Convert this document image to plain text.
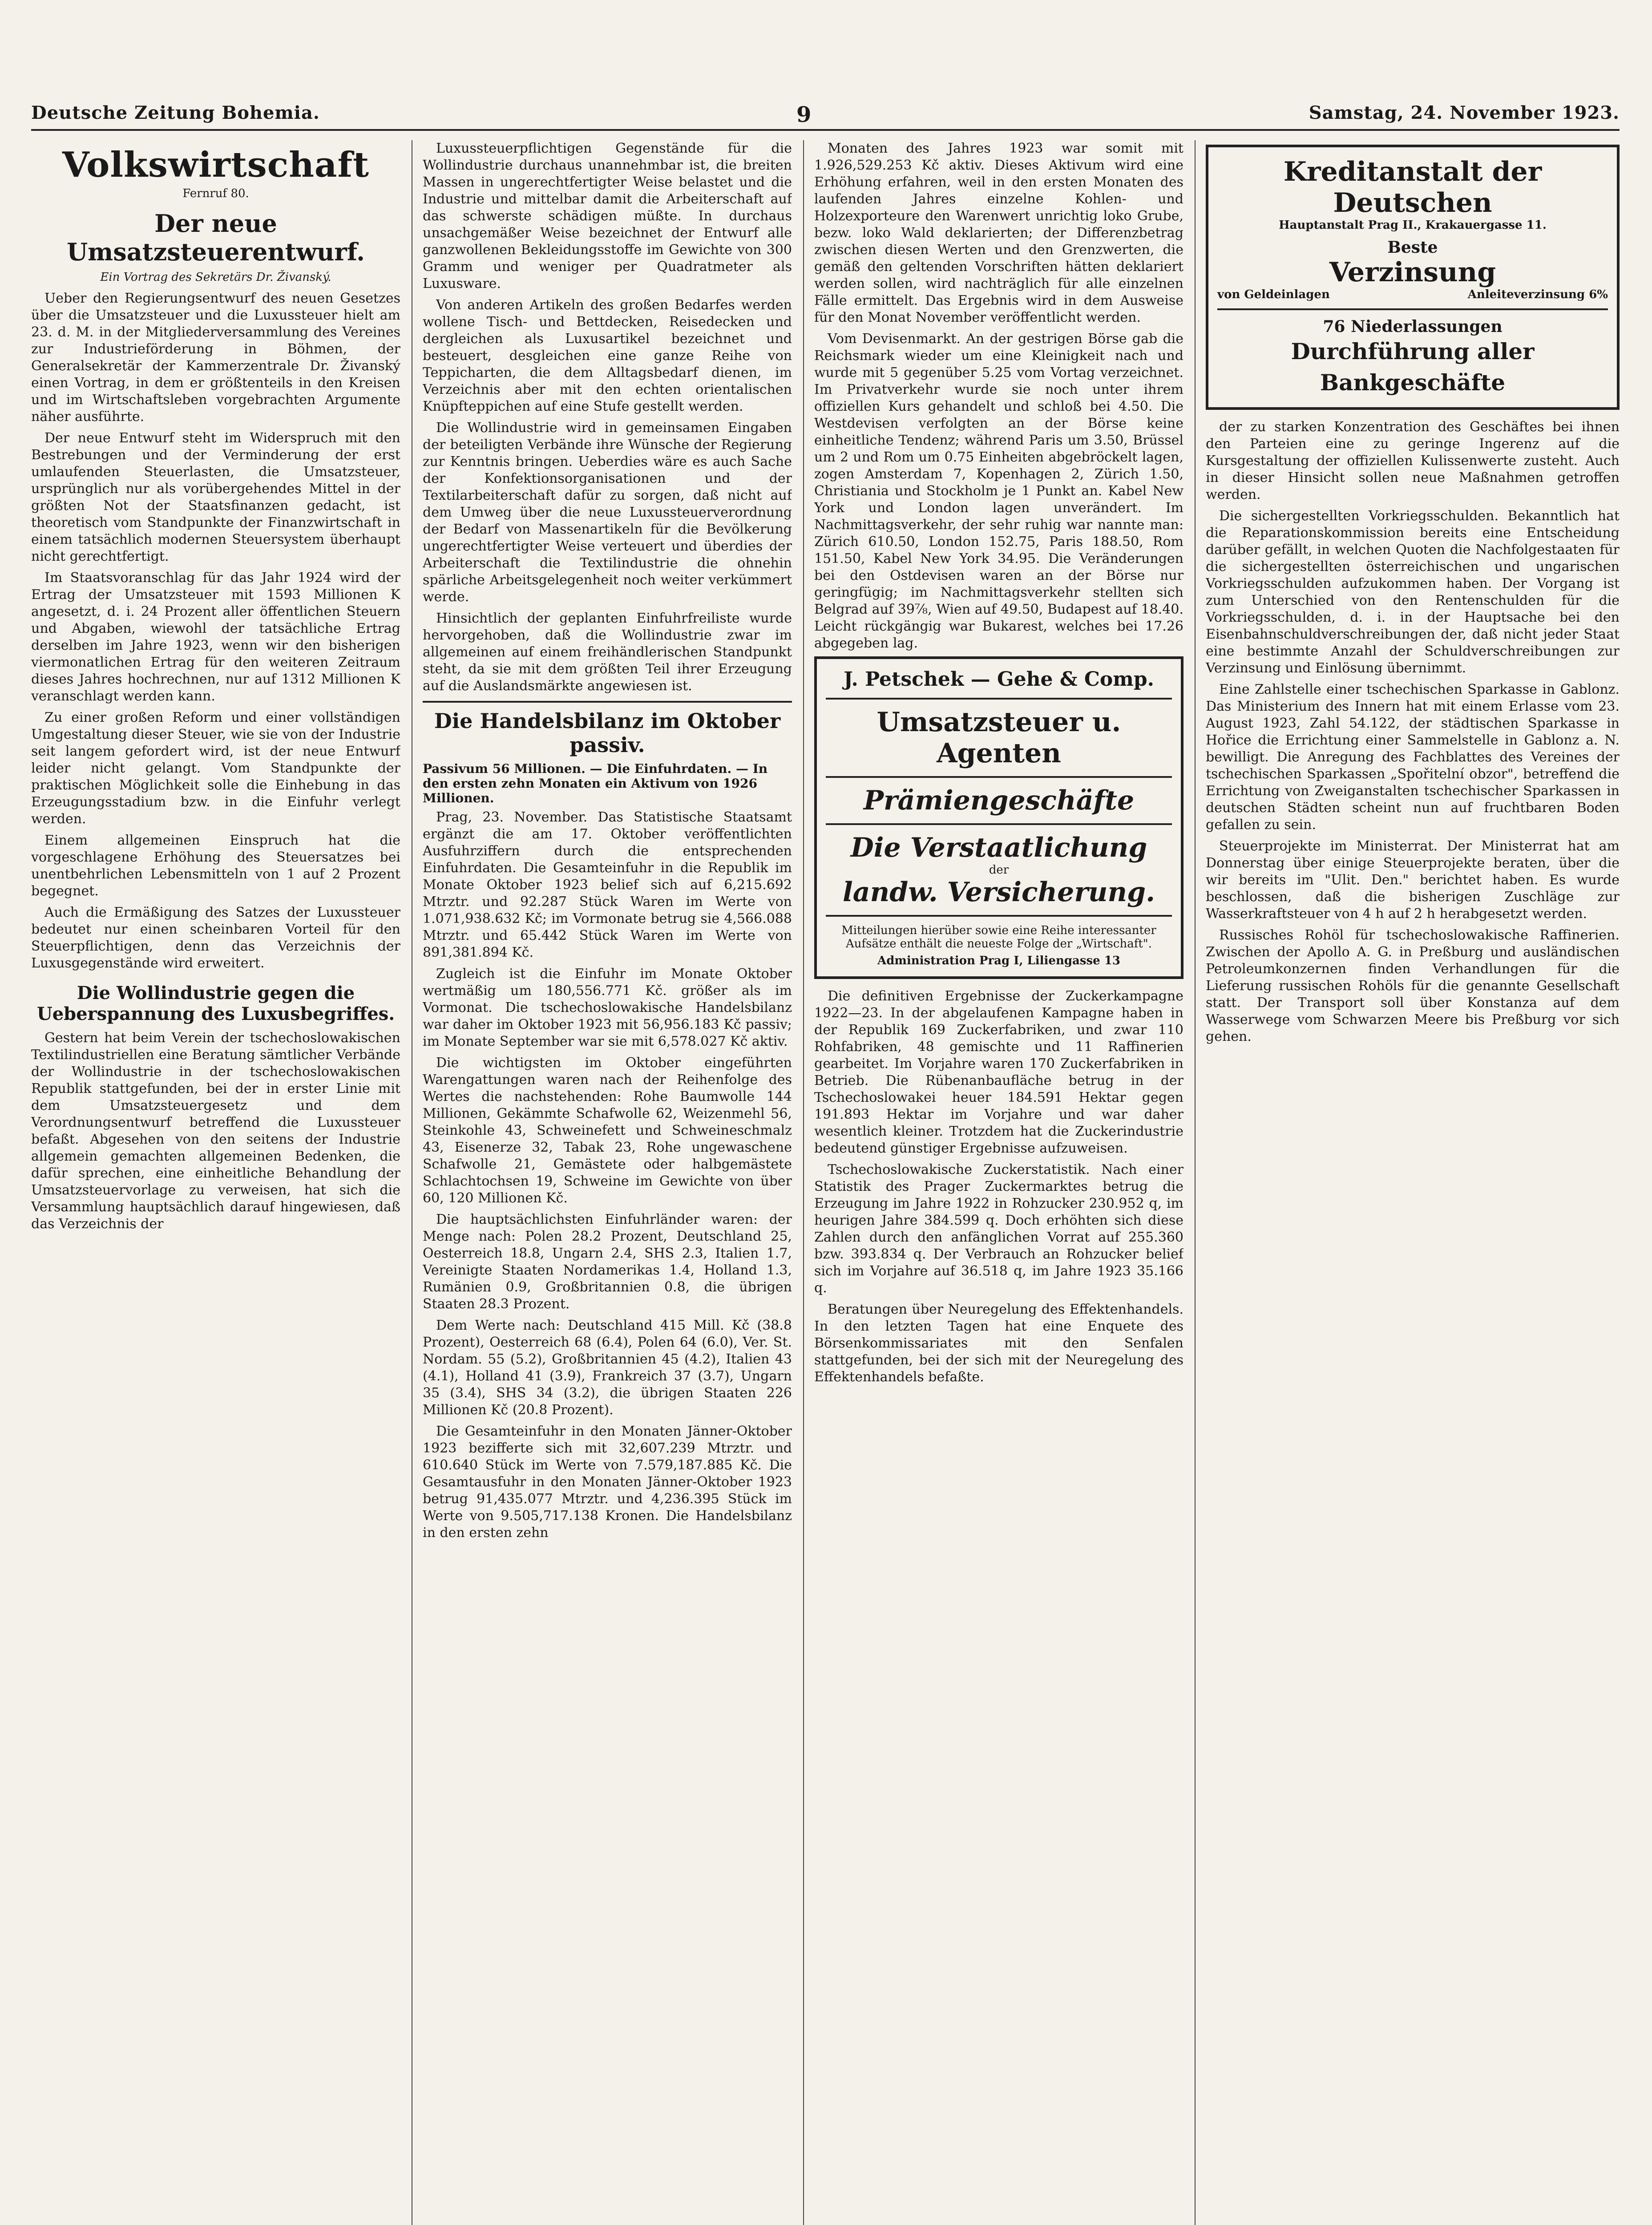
Deutsche Zeitung Bohemia.	9	Samstag, 24. November 1923.
Volkswirtschaft
Fernruf 80.
Der neue Umsatzsteuerentwurf.
Ein Vortrag des Sekretärs Dr. Živanský.

Ueber den Regierungsentwurf des neuen Gesetzes über die Umsatzsteuer und die Luxussteuer hielt am 23. d. M. in der Mitgliederversammlung des Vereines zur Industrieförderung in Böhmen, der Generalsekretär der Kammerzentrale Dr. Živanský einen Vortrag, in dem er größtenteils in den Kreisen und im Wirtschaftsleben vorgebrachten Argumente näher ausführte.

Der neue Entwurf steht im Widerspruch mit den Bestrebungen und der Verminderung der erst umlaufenden Steuerlasten, die Umsatzsteuer, ursprünglich nur als vorübergehendes Mittel in der größten Not der Staatsfinanzen gedacht, ist theoretisch vom Standpunkte der Finanzwirtschaft in einem tatsächlich modernen Steuersystem überhaupt nicht gerechtfertigt.

Im Staatsvoranschlag für das Jahr 1924 wird der Ertrag der Umsatzsteuer mit 1593 Millionen K angesetzt, d. i. 24 Prozent aller öffentlichen Steuern und Abgaben, wiewohl der tatsächliche Ertrag derselben im Jahre 1923, wenn wir den bisherigen viermonatlichen Ertrag für den weiteren Zeitraum dieses Jahres hochrechnen, nur auf 1312 Millionen K veranschlagt werden kann.

Zu einer großen Reform und einer vollständigen Umgestaltung dieser Steuer, wie sie von der Industrie seit langem gefordert wird, ist der neue Entwurf leider nicht gelangt. Vom Standpunkte der praktischen Möglichkeit solle die Einhebung in das Erzeugungsstadium bzw. in die Einfuhr verlegt werden.

Einem allgemeinen Einspruch hat die vorgeschlagene Erhöhung des Steuersatzes bei unentbehrlichen Lebensmitteln von 1 auf 2 Prozent begegnet.

Auch die Ermäßigung des Satzes der Luxussteuer bedeutet nur einen scheinbaren Vorteil für den Steuerpflichtigen, denn das Verzeichnis der Luxusgegenstände wird erweitert.

Die Wollindustrie gegen die Ueberspannung des Luxusbegriffes.

Gestern hat beim Verein der tschechoslowakischen Textilindustriellen eine Beratung sämtlicher Verbände der Wollindustrie in der tschechoslowakischen Republik stattgefunden, bei der in erster Linie mit dem Umsatzsteuergesetz und dem Verordnungsentwurf betreffend die Luxussteuer befaßt. Abgesehen von den seitens der Industrie allgemein gemachten allgemeinen Bedenken, die dafür sprechen, eine einheitliche Behandlung der Umsatzsteuervorlage zu verweisen, hat sich die Versammlung hauptsächlich darauf hingewiesen, daß das Verzeichnis der

Luxussteuerpflichtigen Gegenstände für die Wollindustrie durchaus unannehmbar ist, die breiten Massen in ungerechtfertigter Weise belastet und die Industrie und mittelbar damit die Arbeiterschaft auf das schwerste schädigen müßte. In durchaus unsachgemäßer Weise bezeichnet der Entwurf alle ganzwollenen Bekleidungsstoffe im Gewichte von 300 Gramm und weniger per Quadratmeter als Luxusware.

Von anderen Artikeln des großen Bedarfes werden wollene Tisch- und Bettdecken, Reisedecken und dergleichen als Luxusartikel bezeichnet und besteuert, desgleichen eine ganze Reihe von Teppicharten, die dem Alltagsbedarf dienen, im Verzeichnis aber mit den echten orientalischen Knüpfteppichen auf eine Stufe gestellt werden.

Die Wollindustrie wird in gemeinsamen Eingaben der beteiligten Verbände ihre Wünsche der Regierung zur Kenntnis bringen. Ueberdies wäre es auch Sache der Konfektionsorganisationen und der Textilarbeiterschaft dafür zu sorgen, daß nicht auf dem Umweg über die neue Luxussteuerverordnung der Bedarf von Massenartikeln für die Bevölkerung ungerechtfertigter Weise verteuert und überdies der Arbeiterschaft die Textilindustrie die ohnehin spärliche Arbeitsgelegenheit noch weiter verkümmert werde.

Hinsichtlich der geplanten Einfuhrfreiliste wurde hervorgehoben, daß die Wollindustrie zwar im allgemeinen auf einem freihändlerischen Standpunkt steht, da sie mit dem größten Teil ihrer Erzeugung auf die Auslandsmärkte angewiesen ist.

Die Handelsbilanz im Oktober passiv.
Passivum 56 Millionen. — Die Einfuhrdaten. — In den ersten zehn Monaten ein Aktivum von 1926 Millionen.

Prag, 23. November. Das Statistische Staatsamt ergänzt die am 17. Oktober veröffentlichten Ausfuhrziffern durch die entsprechenden Einfuhrdaten. Die Gesamteinfuhr in die Republik im Monate Oktober 1923 belief sich auf 6,215.692 Mtrztr. und 92.287 Stück Waren im Werte von 1.071,938.632 Kč; im Vormonate betrug sie 4,566.088 Mtrztr. und 65.442 Stück Waren im Werte von 891,381.894 Kč.

Zugleich ist die Einfuhr im Monate Oktober wertmäßig um 180,556.771 Kč. größer als im Vormonat. Die tschechoslowakische Handelsbilanz war daher im Oktober 1923 mit 56,956.183 Kč passiv; im Monate September war sie mit 6,578.027 Kč aktiv.

Die wichtigsten im Oktober eingeführten Warengattungen waren nach der Reihenfolge des Wertes die nachstehenden: Rohe Baumwolle 144 Millionen, Gekämmte Schafwolle 62, Weizenmehl 56, Steinkohle 43, Schweinefett und Schweineschmalz 43, Eisenerze 32, Tabak 23, Rohe ungewaschene Schafwolle 21, Gemästete oder halbgemästete Schlachtochsen 19, Schweine im Gewichte von über 60, 120 Millionen Kč.

Die hauptsächlichsten Einfuhrländer waren: der Menge nach: Polen 28.2 Prozent, Deutschland 25, Oesterreich 18.8, Ungarn 2.4, SHS 2.3, Italien 1.7, Vereinigte Staaten Nordamerikas 1.4, Holland 1.3, Rumänien 0.9, Großbritannien 0.8, die übrigen Staaten 28.3 Prozent.

Dem Werte nach: Deutschland 415 Mill. Kč (38.8 Prozent), Oesterreich 68 (6.4), Polen 64 (6.0), Ver. St. Nordam. 55 (5.2), Großbritannien 45 (4.2), Italien 43 (4.1), Holland 41 (3.9), Frankreich 37 (3.7), Ungarn 35 (3.4), SHS 34 (3.2), die übrigen Staaten 226 Millionen Kč (20.8 Prozent).

Die Gesamteinfuhr in den Monaten Jänner-Oktober 1923 bezifferte sich mit 32,607.239 Mtrztr. und 610.640 Stück im Werte von 7.579,187.885 Kč. Die Gesamtausfuhr in den Monaten Jänner-Oktober 1923 betrug 91,435.077 Mtrztr. und 4,236.395 Stück im Werte von 9.505,717.138 Kronen. Die Handelsbilanz in den ersten zehn

Monaten des Jahres 1923 war somit mit 1.926,529.253 Kč aktiv. Dieses Aktivum wird eine Erhöhung erfahren, weil in den ersten Monaten des laufenden Jahres einzelne Kohlen- und Holzexporteure den Warenwert unrichtig loko Grube, bezw. loko Wald deklarierten; der Differenzbetrag zwischen diesen Werten und den Grenzwerten, die gemäß den geltenden Vorschriften hätten deklariert werden sollen, wird nachträglich für alle einzelnen Fälle ermittelt. Das Ergebnis wird in dem Ausweise für den Monat November veröffentlicht werden.

Vom Devisenmarkt. An der gestrigen Börse gab die Reichsmark wieder um eine Kleinigkeit nach und wurde mit 5 gegenüber 5.25 vom Vortag verzeichnet. Im Privatverkehr wurde sie noch unter ihrem offiziellen Kurs gehandelt und schloß bei 4.50. Die Westdevisen verfolgten an der Börse keine einheitliche Tendenz; während Paris um 3.50, Brüssel um 2 und Rom um 0.75 Einheiten abgebröckelt lagen, zogen Amsterdam 7, Kopenhagen 2, Zürich 1.50, Christiania und Stockholm je 1 Punkt an. Kabel New York und London lagen unverändert. Im Nachmittagsverkehr, der sehr ruhig war nannte man: Zürich 610.50, London 152.75, Paris 188.50, Rom 151.50, Kabel New York 34.95. Die Veränderungen bei den Ostdevisen waren an der Börse nur geringfügig; im Nachmittagsverkehr stellten sich Belgrad auf 39⅞, Wien auf 49.50, Budapest auf 18.40. Leicht rückgängig war Bukarest, welches bei 17.26 abgegeben lag.

J. Petschek — Gehe & Comp.
Umsatzsteuer u. Agenten
Prämiengeschäfte
Die Verstaatlichung
der
landw. Versicherung.
Mitteilungen hierüber sowie eine Reihe interessanter Aufsätze enthält die neueste Folge der „Wirtschaft".
Administration Prag I, Liliengasse 13

Die definitiven Ergebnisse der Zuckerkampagne 1922—23. In der abgelaufenen Kampagne haben in der Republik 169 Zuckerfabriken, und zwar 110 Rohfabriken, 48 gemischte und 11 Raffinerien gearbeitet. Im Vorjahre waren 170 Zuckerfabriken in Betrieb. Die Rübenanbaufläche betrug in der Tschechoslowakei heuer 184.591 Hektar gegen 191.893 Hektar im Vorjahre und war daher wesentlich kleiner. Trotzdem hat die Zuckerindustrie bedeutend günstiger Ergebnisse aufzuweisen.

Tschechoslowakische Zuckerstatistik. Nach einer Statistik des Prager Zuckermarktes betrug die Erzeugung im Jahre 1922 in Rohzucker 230.952 q, im heurigen Jahre 384.599 q. Doch erhöhten sich diese Zahlen durch den anfänglichen Vorrat auf 255.360 bzw. 393.834 q. Der Verbrauch an Rohzucker belief sich im Vorjahre auf 36.518 q, im Jahre 1923 35.166 q.

Beratungen über Neuregelung des Effektenhandels. In den letzten Tagen hat eine Enquete des Börsenkommissariates mit den Senfalen stattgefunden, bei der sich mit der Neuregelung des Effektenhandels befaßte.

Kreditanstalt der Deutschen
Hauptanstalt Prag II., Krakauergasse 11.
Beste
Verzinsung
von Geldeinlagen	Anleiteverzinsung 6%
76 Niederlassungen
Durchführung aller Bankgeschäfte

der zu starken Konzentration des Geschäftes bei ihnen den Parteien eine zu geringe Ingerenz auf die Kursgestaltung der offiziellen Kulissenwerte zusteht. Auch in dieser Hinsicht sollen neue Maßnahmen getroffen werden.

Die sichergestellten Vorkriegsschulden. Bekanntlich hat die Reparationskommission bereits eine Entscheidung darüber gefällt, in welchen Quoten die Nachfolgestaaten für die sichergestellten österreichischen und ungarischen Vorkriegsschulden aufzukommen haben. Der Vorgang ist zum Unterschied von den Rentenschulden für die Vorkriegsschulden, d. i. in der Hauptsache bei den Eisenbahnschuldverschreibungen der, daß nicht jeder Staat eine bestimmte Anzahl der Schuldverschreibungen zur Verzinsung und Einlösung übernimmt.

Eine Zahlstelle einer tschechischen Sparkasse in Gablonz. Das Ministerium des Innern hat mit einem Erlasse vom 23. August 1923, Zahl 54.122, der städtischen Sparkasse in Hořice die Errichtung einer Sammelstelle in Gablonz a. N. bewilligt. Die Anregung des Fachblattes des Vereines der tschechischen Sparkassen „Spořitelní obzor", betreffend die Errichtung von Zweiganstalten tschechischer Sparkassen in deutschen Städten scheint nun auf fruchtbaren Boden gefallen zu sein.

Steuerprojekte im Ministerrat. Der Ministerrat hat am Donnerstag über einige Steuerprojekte beraten, über die wir bereits im "Ulit. Den." berichtet haben. Es wurde beschlossen, daß die bisherigen Zuschläge zur Wasserkraftsteuer von 4 h auf 2 h herabgesetzt werden.

Russisches Rohöl für tschechoslowakische Raffinerien. Zwischen der Apollo A. G. in Preßburg und ausländischen Petroleumkonzernen finden Verhandlungen für die Lieferung russischen Rohöls für die genannte Gesellschaft statt. Der Transport soll über Konstanza auf dem Wasserwege vom Schwarzen Meere bis Preßburg vor sich gehen.
